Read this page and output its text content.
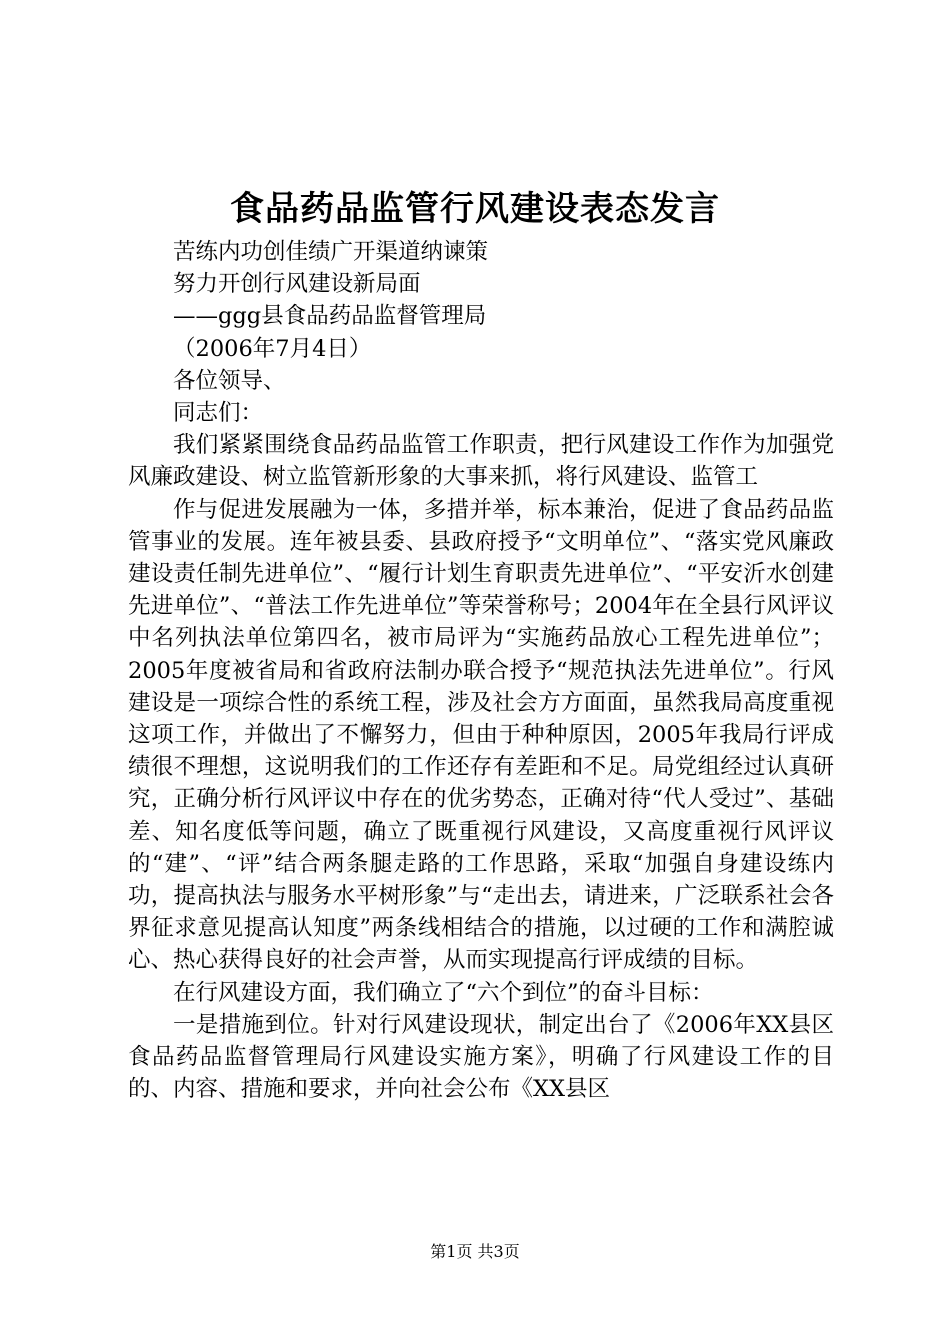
食品药品监管行风建设表态发言

苦练内功创佳绩广开渠道纳谏策

努力开创行风建设新局面

——ggg县食品药品监督管理局

（2006年7月4日）

各位领导、

同志们：

我们紧紧围绕食品药品监管工作职责，把行风建设工作作为加强党风廉政建设、树立监管新形象的大事来抓，将行风建设、监管工

作与促进发展融为一体，多措并举，标本兼治，促进了食品药品监管事业的发展。连年被县委、县政府授予“文明单位”、“落实党风廉政建设责任制先进单位”、“履行计划生育职责先进单位”、“平安沂水创建先进单位”、“普法工作先进单位”等荣誉称号；2004年在全县行风评议中名列执法单位第四名，被市局评为“实施药品放心工程先进单位”；2005年度被省局和省政府法制办联合授予“规范执法先进单位”。行风建设是一项综合性的系统工程，涉及社会方方面面，虽然我局高度重视这项工作，并做出了不懈努力，但由于种种原因，2005年我局行评成绩很不理想，这说明我们的工作还存有差距和不足。局党组经过认真研究，正确分析行风评议中存在的优劣势态，正确对待“代人受过”、基础差、知名度低等问题，确立了既重视行风建设，又高度重视行风评议的“建”、“评”结合两条腿走路的工作思路，采取“加强自身建设练内功，提高执法与服务水平树形象”与“走出去，请进来，广泛联系社会各界征求意见提高认知度”两条线相结合的措施，以过硬的工作和满腔诚心、热心获得良好的社会声誉，从而实现提高行评成绩的目标。

在行风建设方面，我们确立了“六个到位”的奋斗目标：

一是措施到位。针对行风建设现状，制定出台了《2006年XX县区食品药品监督管理局行风建设实施方案》，明确了行风建设工作的目的、内容、措施和要求，并向社会公布《XX县区

第1页 共3页
